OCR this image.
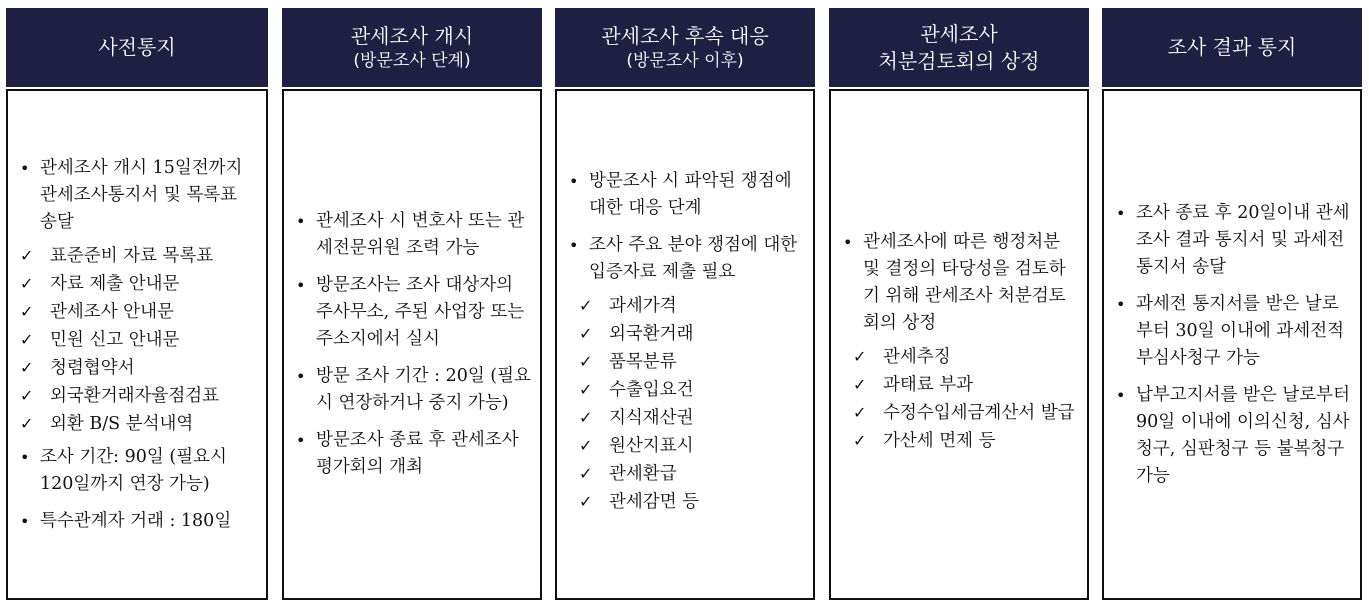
사전통지
• 관세조사 개시 15일전까지 관세조사통지서 및 목록표 송달
✓ 표준준비 자료 목록표
✓ 자료 제출 안내문
✓ 관세조사 안내문
✓ 민원 신고 안내문
✓ 청렴협약서
✓ 외국환거래자율점검표
✓ 외환 B/S 분석내역
• 조사 기간: 90일 (필요시 120일까지 연장 가능)
• 특수관계자 거래 : 180일
관세조사 개시
(방문조사 단계)
• 관세조사 시 변호사 또는 관세전문위원 조력 가능
• 방문조사는 조사 대상자의 주사무소, 주된 사업장 또는 주소지에서 실시
• 방문 조사 기간 : 20일 (필요시 연장하거나 중지 가능)
• 방문조사 종료 후 관세조사 평가회의 개최
관세조사 후속 대응
(방문조사 이후)
• 방문조사 시 파악된 쟁점에 대한 대응 단계
• 조사 주요 분야 쟁점에 대한 입증자료 제출 필요
✓ 과세가격
✓ 외국환거래
✓ 품목분류
✓ 수출입요건
✓ 지식재산권
✓ 원산지표시
✓ 관세환급
✓ 관세감면 등
관세조사
처분검토회의 상정
• 관세조사에 따른 행정처분 및 결정의 타당성을 검토하기 위해 관세조사 처분검토회의 상정
✓ 관세추징
✓ 과태료 부과
✓ 수정수입세금계산서 발급
✓ 가산세 면제 등
조사 결과 통지
• 조사 종료 후 20일이내 관세조사 결과 통지서 및 과세전통지서 송달
• 과세전 통지서를 받은 날로 부터 30일 이내에 과세전적부심사청구 가능
• 납부고지서를 받은 날로부터 90일 이내에 이의신청, 심사청구, 심판청구 등 불복청구 가능
